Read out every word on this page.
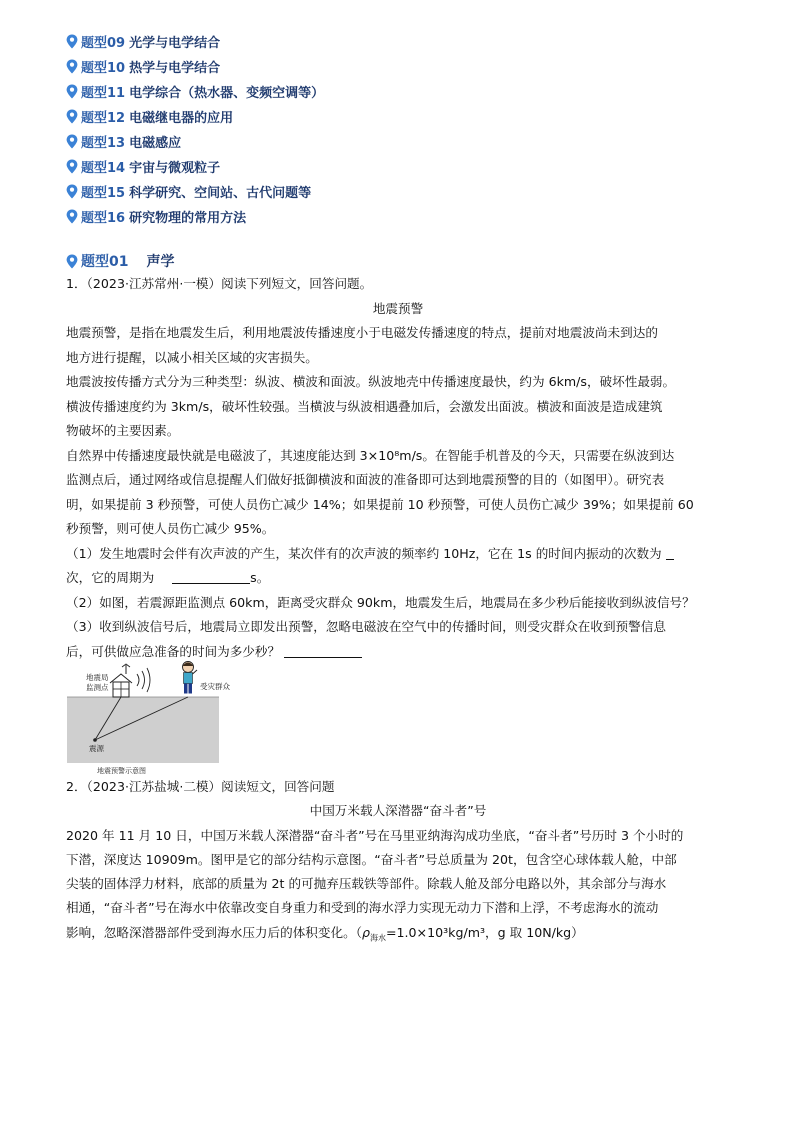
题型09 光学与电学结合
题型10 热学与电学结合
题型11 电学综合（热水器、变频空调等）
题型12 电磁继电器的应用
题型13 电磁感应
题型14 宇宙与微观粒子
题型15 科学研究、空间站、古代问题等
题型16 研究物理的常用方法
题型01 声学
1．（2023·江苏常州·一模）阅读下列短文，回答问题。
地震预警
地震预警，是指在地震发生后，利用地震波传播速度小于电磁发传播速度的特点，提前对地震波尚未到达的
地方进行提醒，以减小相关区域的灾害损失。
地震波按传播方式分为三种类型：纵波、横波和面波。纵波地壳中传播速度最快，约为 6km/s，破坏性最弱。
横波传播速度约为 3km/s，破坏性较强。当横波与纵波相遇叠加后，会激发出面波。横波和面波是造成建筑
物破坏的主要因素。
自然界中传播速度最快就是电磁波了，其速度能达到 3×10⁸m/s。在智能手机普及的今天，只需要在纵波到达
监测点后，通过网络或信息提醒人们做好抵御横波和面波的准备即可达到地震预警的目的（如图甲）。研究表
明，如果提前 3 秒预警，可使人员伤亡减少 14%；如果提前 10 秒预警，可使人员伤亡减少 39%；如果提前 60
秒预警，则可使人员伤亡减少 95%。
（1）发生地震时会伴有次声波的产生，某次伴有的次声波的频率约 10Hz，它在 1s 的时间内振动的次数为
次，它的周期为	s。
（2）如图，若震源距监测点 60km，距离受灾群众 90km，地震发生后，地震局在多少秒后能接收到纵波信号？
（3）收到纵波信号后，地震局立即发出预警，忽略电磁波在空气中的传播时间，则受灾群众在收到预警信息
后，可供做应急准备的时间为多少秒？
受灾群众
地震局
监测点
震源
地震预警示意图
2．（2023·江苏盐城·二模）阅读短文，回答问题
中国万米载人深潜器“奋斗者”号
2020 年 11 月 10 日，中国万米载人深潜器“奋斗者”号在马里亚纳海沟成功坐底，“奋斗者”号历时 3 个小时的
下潜，深度达 10909m。图甲是它的部分结构示意图。“奋斗者”号总质量为 20t，包含空心球体载人舱，中部
尖装的固体浮力材料，底部的质量为 2t 的可抛弃压载铁等部件。除载人舱及部分电路以外，其余部分与海水
相通，“奋斗者”号在海水中依靠改变自身重力和受到的海水浮力实现无动力下潜和上浮，不考虑海水的流动
影响，忽略深潜器部件受到海水压力后的体积变化。（$\rho_{海水}=1.0\times 10^3kg/m^3$，g 取 10N/kg）
